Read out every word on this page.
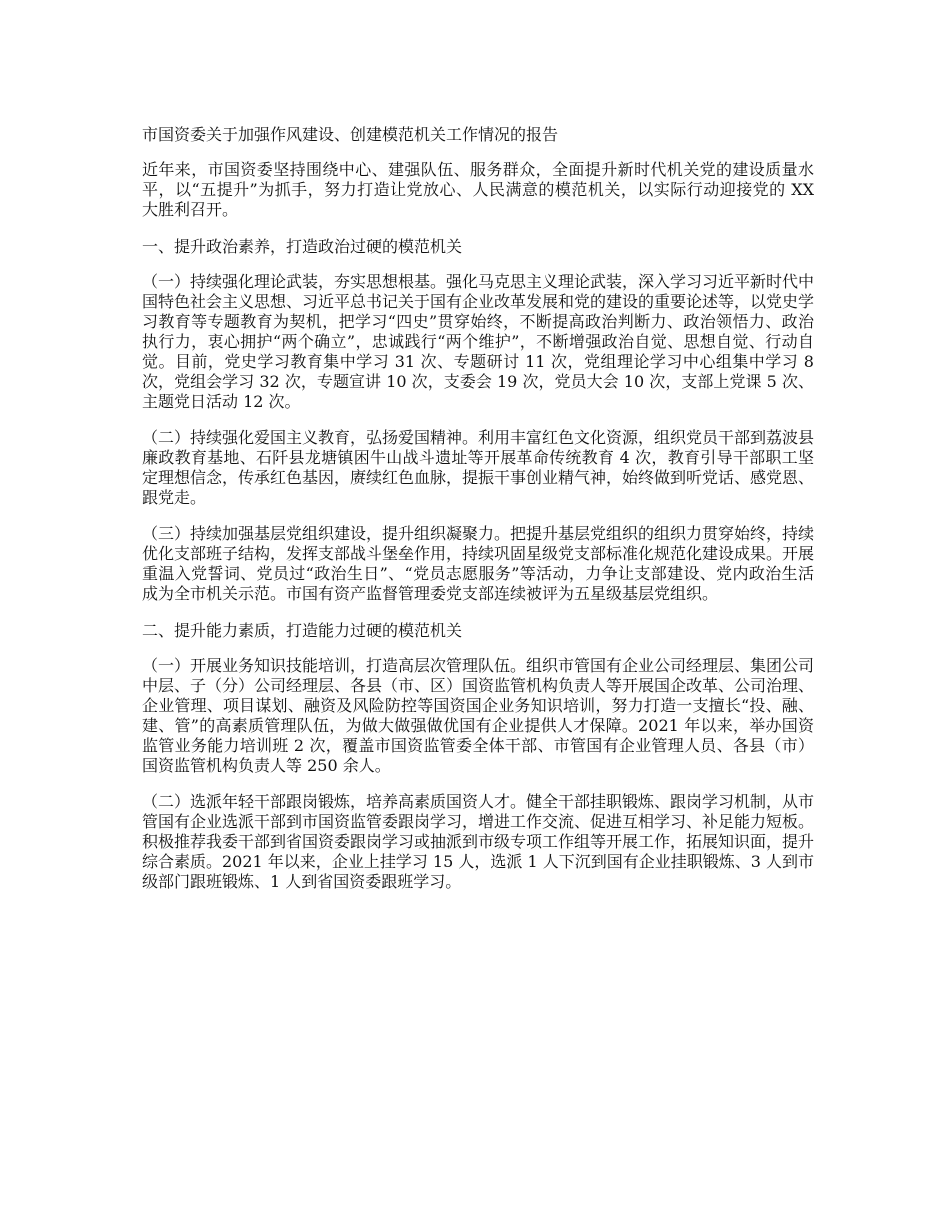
市国资委关于加强作风建设、创建模范机关工作情况的报告

近年来，市国资委坚持围绕中心、建强队伍、服务群众，全面提升新时代机关党的建设质量水平，以“五提升”为抓手，努力打造让党放心、人民满意的模范机关，以实际行动迎接党的 XX 大胜利召开。

一、提升政治素养，打造政治过硬的模范机关

（一）持续强化理论武装，夯实思想根基。强化马克思主义理论武装，深入学习习近平新时代中国特色社会主义思想、习近平总书记关于国有企业改革发展和党的建设的重要论述等，以党史学习教育等专题教育为契机，把学习“四史”贯穿始终，不断提高政治判断力、政治领悟力、政治执行力，衷心拥护“两个确立”，忠诚践行“两个维护”，不断增强政治自觉、思想自觉、行动自觉。目前，党史学习教育集中学习 31 次、专题研讨 11 次，党组理论学习中心组集中学习 8 次，党组会学习 32 次，专题宣讲 10 次，支委会 19 次，党员大会 10 次，支部上党课 5 次、主题党日活动 12 次。

（二）持续强化爱国主义教育，弘扬爱国精神。利用丰富红色文化资源，组织党员干部到荔波县廉政教育基地、石阡县龙塘镇困牛山战斗遗址等开展革命传统教育 4 次，教育引导干部职工坚定理想信念，传承红色基因，赓续红色血脉，提振干事创业精气神，始终做到听党话、感党恩、跟党走。

（三）持续加强基层党组织建设，提升组织凝聚力。把提升基层党组织的组织力贯穿始终，持续优化支部班子结构，发挥支部战斗堡垒作用，持续巩固星级党支部标准化规范化建设成果。开展重温入党誓词、党员过“政治生日”、“党员志愿服务”等活动，力争让支部建设、党内政治生活成为全市机关示范。市国有资产监督管理委党支部连续被评为五星级基层党组织。

二、提升能力素质，打造能力过硬的模范机关

（一）开展业务知识技能培训，打造高层次管理队伍。组织市管国有企业公司经理层、集团公司中层、子（分）公司经理层、各县（市、区）国资监管机构负责人等开展国企改革、公司治理、企业管理、项目谋划、融资及风险防控等国资国企业务知识培训，努力打造一支擅长“投、融、建、管”的高素质管理队伍，为做大做强做优国有企业提供人才保障。2021 年以来，举办国资监管业务能力培训班 2 次，覆盖市国资监管委全体干部、市管国有企业管理人员、各县（市）国资监管机构负责人等 250 余人。

（二）选派年轻干部跟岗锻炼，培养高素质国资人才。健全干部挂职锻炼、跟岗学习机制，从市管国有企业选派干部到市国资监管委跟岗学习，增进工作交流、促进互相学习、补足能力短板。积极推荐我委干部到省国资委跟岗学习或抽派到市级专项工作组等开展工作，拓展知识面，提升综合素质。2021 年以来，企业上挂学习 15 人，选派 1 人下沉到国有企业挂职锻炼、3 人到市级部门跟班锻炼、1 人到省国资委跟班学习。
